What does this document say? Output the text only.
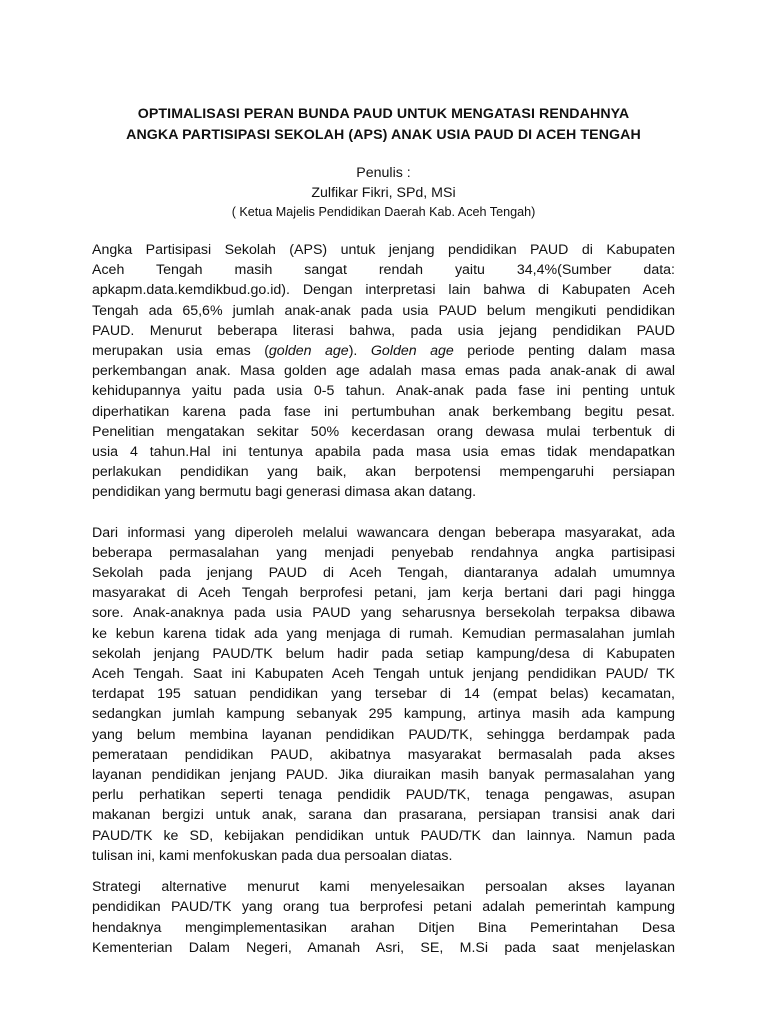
OPTIMALISASI PERAN BUNDA PAUD UNTUK MENGATASI RENDAHNYA
ANGKA PARTISIPASI SEKOLAH (APS) ANAK USIA PAUD DI ACEH TENGAH
Penulis :
Zulfikar Fikri, SPd, MSi
( Ketua Majelis Pendidikan Daerah Kab. Aceh Tengah)
Angka Partisipasi Sekolah (APS) untuk jenjang pendidikan PAUD di Kabupaten
Aceh Tengah masih sangat rendah yaitu 34,4%(Sumber data:
apkapm.data.kemdikbud.go.id). Dengan interpretasi lain bahwa di Kabupaten Aceh
Tengah ada 65,6% jumlah anak-anak pada usia PAUD belum mengikuti pendidikan
PAUD. Menurut beberapa literasi bahwa, pada usia jejang pendidikan PAUD
merupakan usia emas (golden age). Golden age periode penting dalam masa
perkembangan anak. Masa golden age adalah masa emas pada anak-anak di awal
kehidupannya yaitu pada usia 0-5 tahun. Anak-anak pada fase ini penting untuk
diperhatikan karena pada fase ini pertumbuhan anak berkembang begitu pesat.
Penelitian mengatakan sekitar 50% kecerdasan orang dewasa mulai terbentuk di
usia 4 tahun.Hal ini tentunya apabila pada masa usia emas tidak mendapatkan
perlakukan pendidikan yang baik, akan berpotensi mempengaruhi persiapan
pendidikan yang bermutu bagi generasi dimasa akan datang.
Dari informasi yang diperoleh melalui wawancara dengan beberapa masyarakat, ada
beberapa permasalahan yang menjadi penyebab rendahnya angka partisipasi
Sekolah pada jenjang PAUD di Aceh Tengah, diantaranya adalah umumnya
masyarakat di Aceh Tengah berprofesi petani, jam kerja bertani dari pagi hingga
sore. Anak-anaknya pada usia PAUD yang seharusnya bersekolah terpaksa dibawa
ke kebun karena tidak ada yang menjaga di rumah. Kemudian permasalahan jumlah
sekolah jenjang PAUD/TK belum hadir pada setiap kampung/desa di Kabupaten
Aceh Tengah. Saat ini Kabupaten Aceh Tengah untuk jenjang pendidikan PAUD/ TK
terdapat 195 satuan pendidikan yang tersebar di 14 (empat belas) kecamatan,
sedangkan jumlah kampung sebanyak 295 kampung, artinya masih ada kampung
yang belum membina layanan pendidikan PAUD/TK, sehingga berdampak pada
pemerataan pendidikan PAUD, akibatnya masyarakat bermasalah pada akses
layanan pendidikan jenjang PAUD. Jika diuraikan masih banyak permasalahan yang
perlu perhatikan seperti tenaga pendidik PAUD/TK, tenaga pengawas, asupan
makanan bergizi untuk anak, sarana dan prasarana, persiapan transisi anak dari
PAUD/TK ke SD, kebijakan pendidikan untuk PAUD/TK dan lainnya. Namun pada
tulisan ini, kami menfokuskan pada dua persoalan diatas.
Strategi alternative menurut kami menyelesaikan persoalan akses layanan
pendidikan PAUD/TK yang orang tua berprofesi petani adalah pemerintah kampung
hendaknya mengimplementasikan arahan Ditjen Bina Pemerintahan Desa
Kementerian Dalam Negeri, Amanah Asri, SE, M.Si pada saat menjelaskan
